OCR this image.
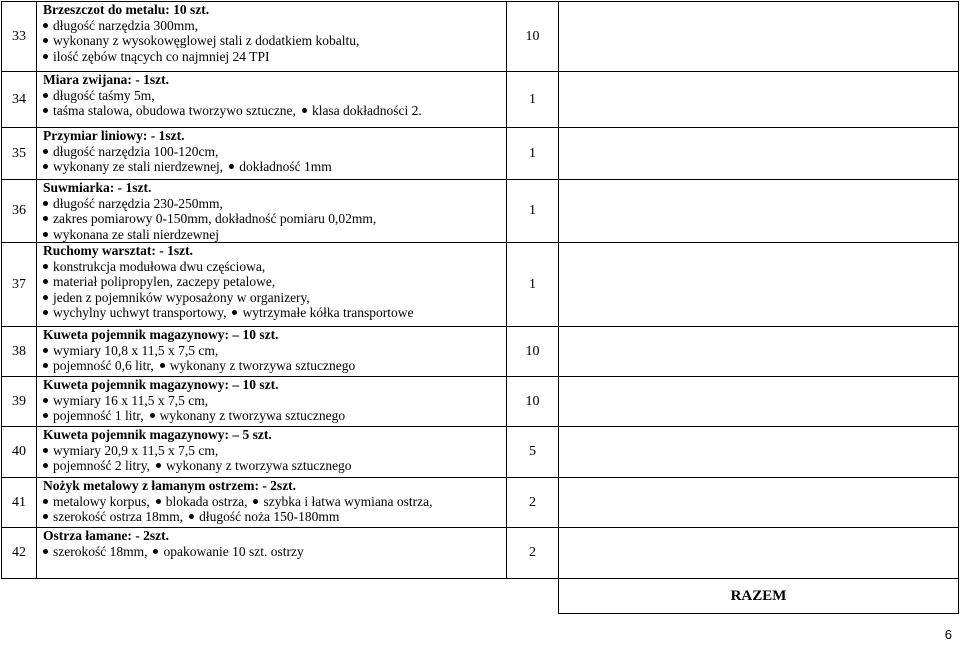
33	Brzeszczot do metalu: 10 szt.
długość narzędzia 300mm,
wykonany z wysokowęglowej stali z dodatkiem kobaltu,
ilość zębów tnących co najmniej 24 TPI	10	
34	Miara zwijana: - 1szt.
długość taśmy 5m,
taśma stalowa, obudowa tworzywo sztuczne, klasa dokładności 2.	1	
35	Przymiar liniowy: - 1szt.
długość narzędzia 100-120cm,
wykonany ze stali nierdzewnej, dokładność 1mm	1	
36	Suwmiarka: - 1szt.
długość narzędzia 230-250mm,
zakres pomiarowy 0-150mm, dokładność pomiaru 0,02mm,
wykonana ze stali nierdzewnej	1	
37	Ruchomy warsztat: - 1szt.
konstrukcja modułowa dwu częściowa,
materiał polipropylen, zaczepy petalowe,
jeden z pojemników wyposażony w organizery,
wychylny uchwyt transportowy, wytrzymałe kółka transportowe	1	
38	Kuweta pojemnik magazynowy: – 10 szt.
wymiary 10,8 x 11,5 x 7,5 cm,
pojemność 0,6 litr, wykonany z tworzywa sztucznego	10	
39	Kuweta pojemnik magazynowy: – 10 szt.
wymiary 16 x 11,5 x 7,5 cm,
pojemność 1 litr, wykonany z tworzywa sztucznego	10	
40	Kuweta pojemnik magazynowy: – 5 szt.
wymiary 20,9 x 11,5 x 7,5 cm,
pojemność 2 litry, wykonany z tworzywa sztucznego	5	
41	Nożyk metalowy z łamanym ostrzem: - 2szt.
metalowy korpus, blokada ostrza, szybka i łatwa wymiana ostrza,
szerokość ostrza 18mm, długość noża 150-180mm	2	
42	Ostrza łamane: - 2szt.
szerokość 18mm, opakowanie 10 szt. ostrzy	2	
			RAZEM
6
